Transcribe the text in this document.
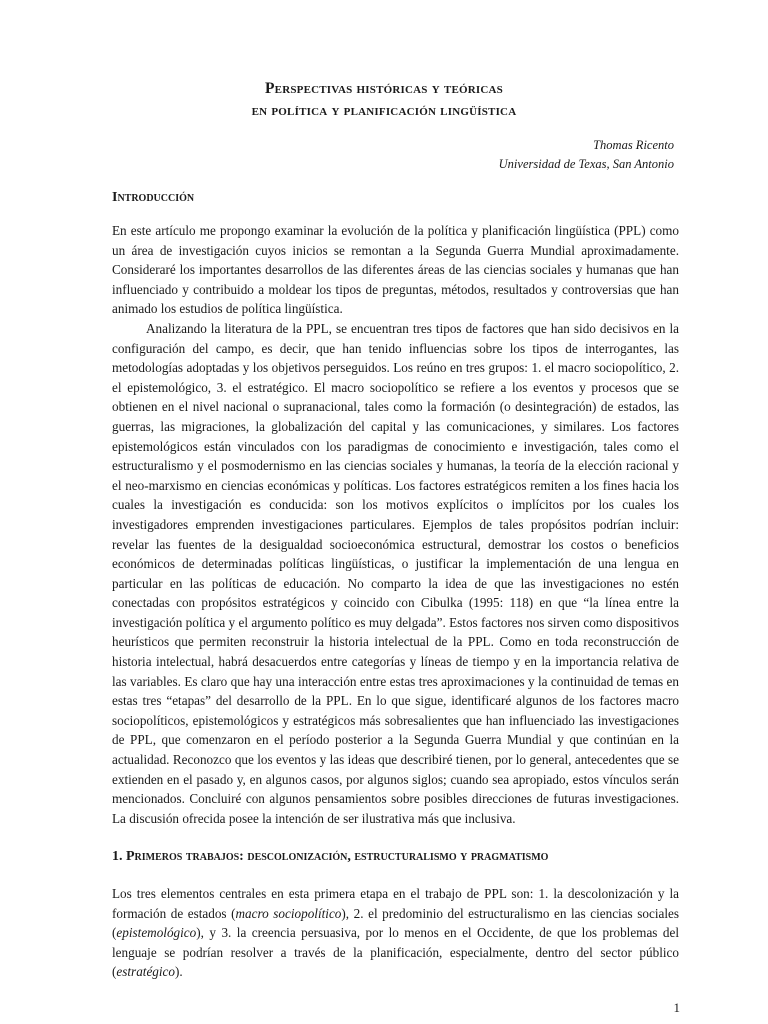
Perspectivas históricas y teóricas
en política y planificación lingüística
Thomas Ricento
Universidad de Texas, San Antonio
Introducción

En este artículo me propongo examinar la evolución de la política y planificación lingüística (PPL) como un área de investigación cuyos inicios se remontan a la Segunda Guerra Mundial aproximadamente. Consideraré los importantes desarrollos de las diferentes áreas de las ciencias sociales y humanas que han influenciado y contribuido a moldear los tipos de preguntas, métodos, resultados y controversias que han animado los estudios de política lingüística.

Analizando la literatura de la PPL, se encuentran tres tipos de factores que han sido decisivos en la configuración del campo, es decir, que han tenido influencias sobre los tipos de interrogantes, las metodologías adoptadas y los objetivos perseguidos. Los reúno en tres grupos: 1. el macro sociopolítico, 2. el epistemológico, 3. el estratégico. El macro sociopolítico se refiere a los eventos y procesos que se obtienen en el nivel nacional o supranacional, tales como la formación (o desintegración) de estados, las guerras, las migraciones, la globalización del capital y las comunicaciones, y similares. Los factores epistemológicos están vinculados con los paradigmas de conocimiento e investigación, tales como el estructuralismo y el posmodernismo en las ciencias sociales y humanas, la teoría de la elección racional y el neo-marxismo en ciencias económicas y políticas. Los factores estratégicos remiten a los fines hacia los cuales la investigación es conducida: son los motivos explícitos o implícitos por los cuales los investigadores emprenden investigaciones particulares. Ejemplos de tales propósitos podrían incluir: revelar las fuentes de la desigualdad socioeconómica estructural, demostrar los costos o beneficios económicos de determinadas políticas lingüísticas, o justificar la implementación de una lengua en particular en las políticas de educación. No comparto la idea de que las investigaciones no estén conectadas con propósitos estratégicos y coincido con Cibulka (1995: 118) en que “la línea entre la investigación política y el argumento político es muy delgada”. Estos factores nos sirven como dispositivos heurísticos que permiten reconstruir la historia intelectual de la PPL. Como en toda reconstrucción de historia intelectual, habrá desacuerdos entre categorías y líneas de tiempo y en la importancia relativa de las variables. Es claro que hay una interacción entre estas tres aproximaciones y la continuidad de temas en estas tres “etapas” del desarrollo de la PPL. En lo que sigue, identificaré algunos de los factores macro sociopolíticos, epistemológicos y estratégicos más sobresalientes que han influenciado las investigaciones de PPL, que comenzaron en el período posterior a la Segunda Guerra Mundial y que continúan en la actualidad. Reconozco que los eventos y las ideas que describiré tienen, por lo general, antecedentes que se extienden en el pasado y, en algunos casos, por algunos siglos; cuando sea apropiado, estos vínculos serán mencionados. Concluiré con algunos pensamientos sobre posibles direcciones de futuras investigaciones. La discusión ofrecida posee la intención de ser ilustrativa más que inclusiva.

1. Primeros trabajos: descolonización, estructuralismo y pragmatismo

Los tres elementos centrales en esta primera etapa en el trabajo de PPL son: 1. la descolonización y la formación de estados (macro sociopolítico), 2. el predominio del estructuralismo en las ciencias sociales (epistemológico), y 3. la creencia persuasiva, por lo menos en el Occidente, de que los problemas del lenguaje se podrían resolver a través de la planificación, especialmente, dentro del sector público (estratégico).

1
